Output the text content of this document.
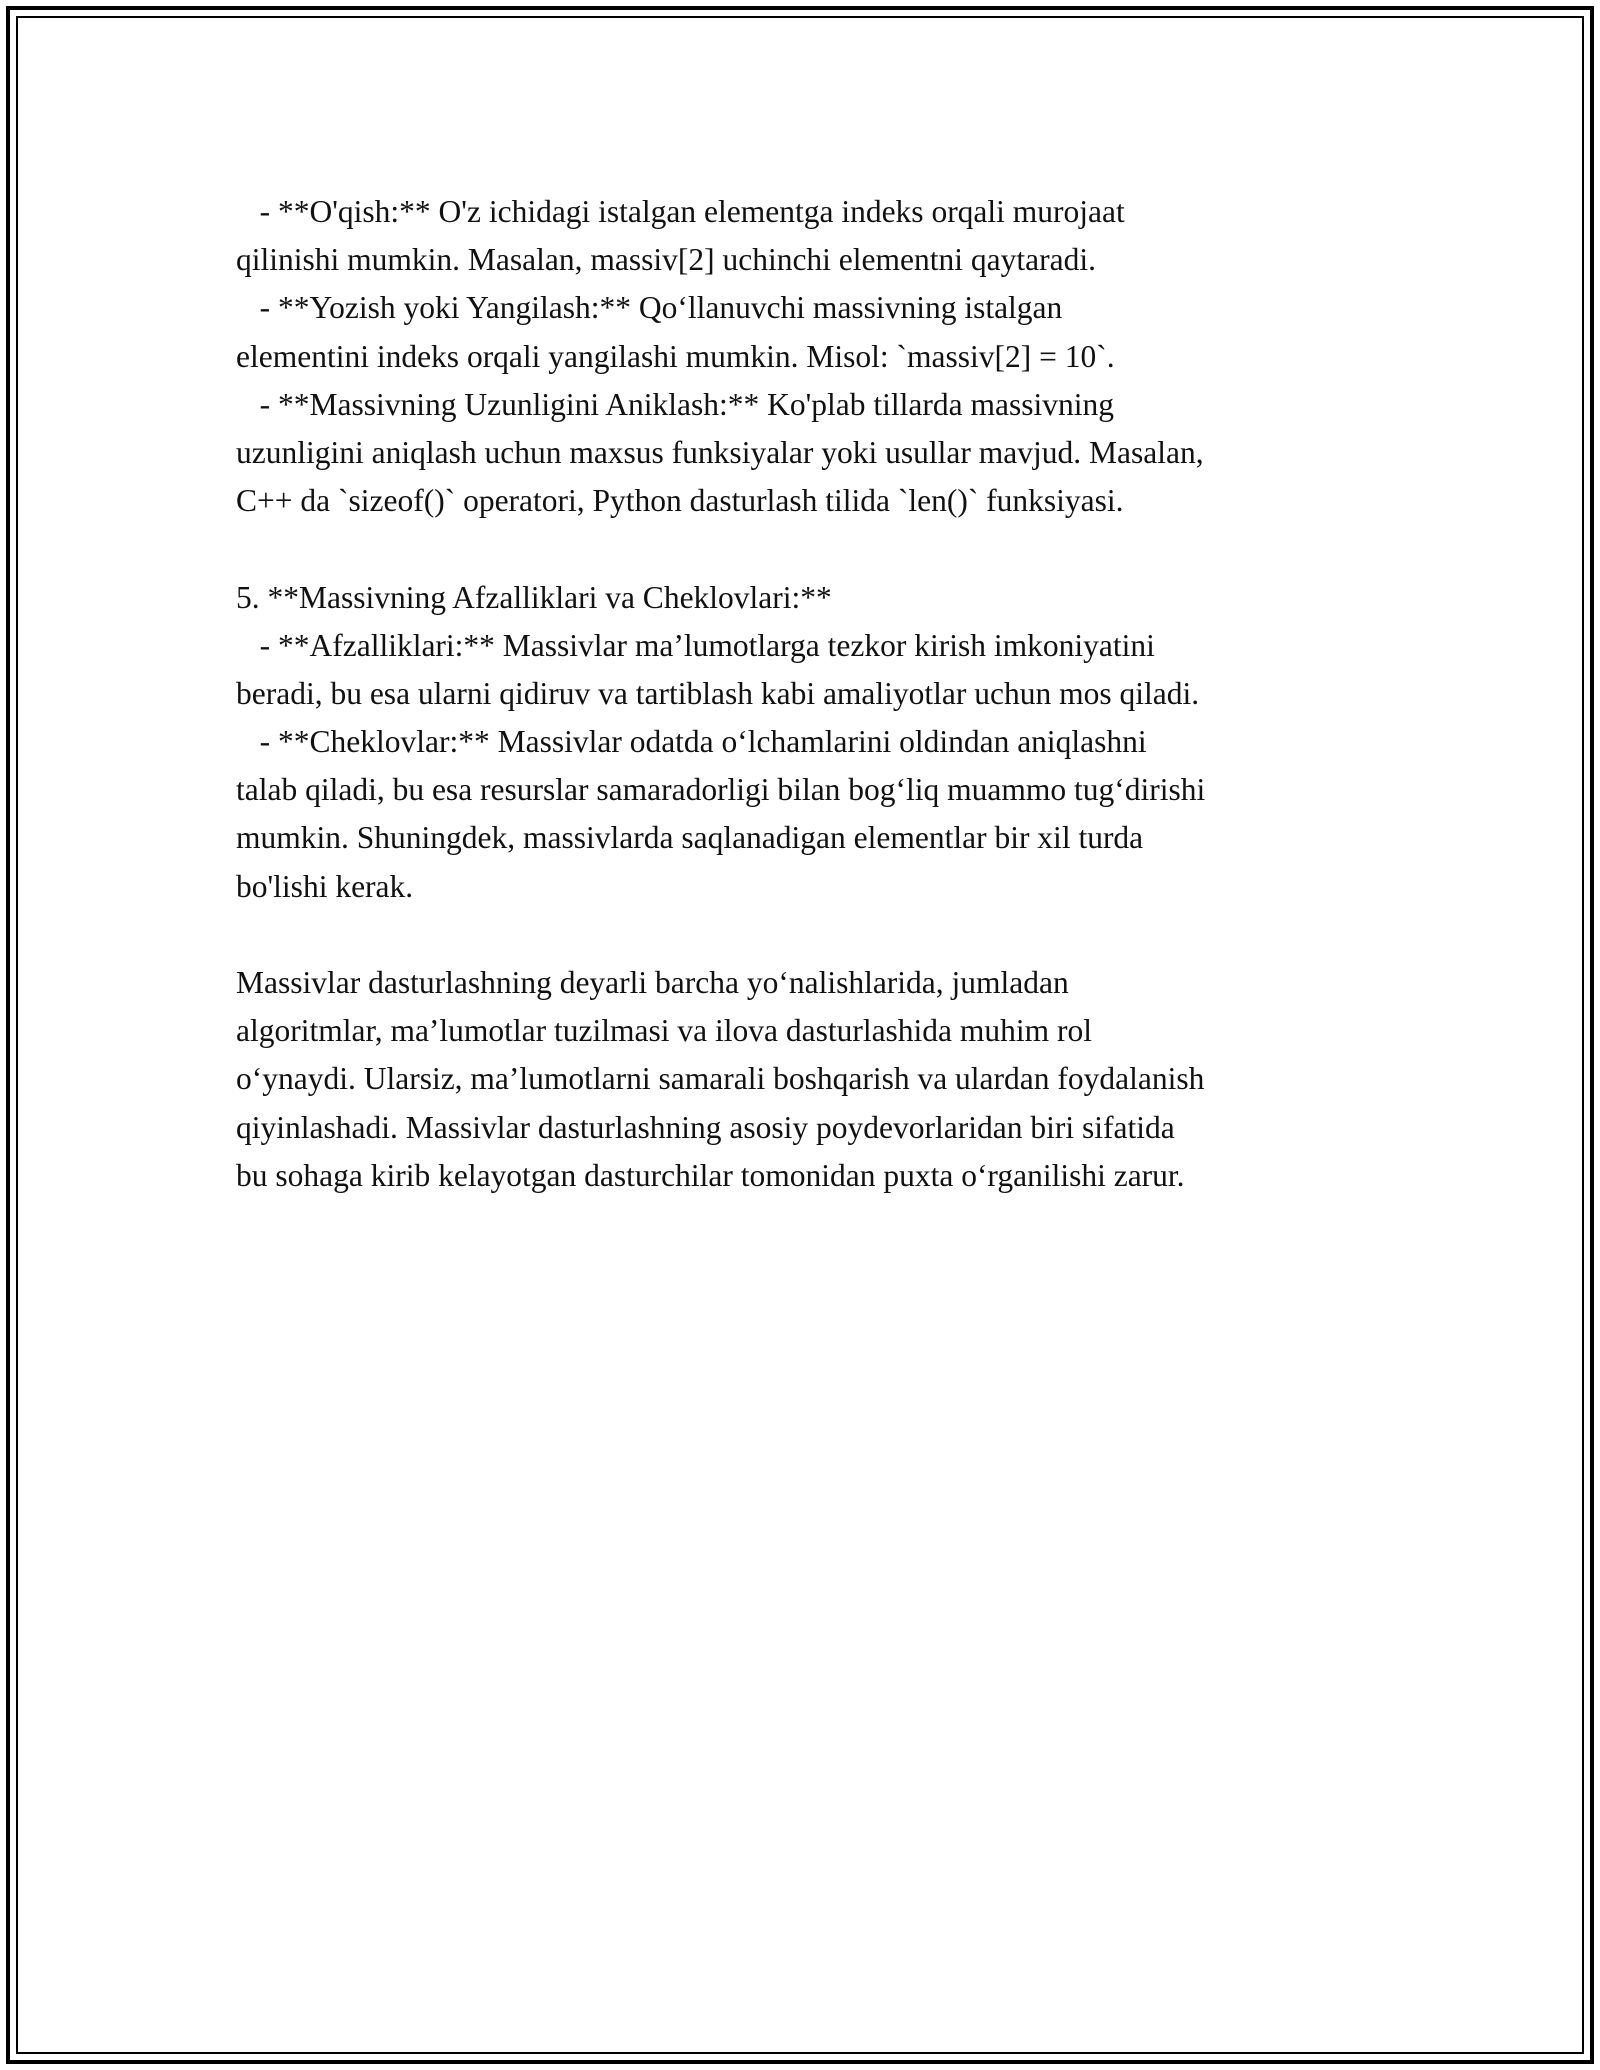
- **O'qish:** O'z ichidagi istalgan elementga indeks orqali murojaat
qilinishi mumkin. Masalan, massiv[2] uchinchi elementni qaytaradi.
- **Yozish yoki Yangilash:** Qo‘llanuvchi massivning istalgan
elementini indeks orqali yangilashi mumkin. Misol: `massiv[2] = 10`.
- **Massivning Uzunligini Aniklash:** Ko'plab tillarda massivning
uzunligini aniqlash uchun maxsus funksiyalar yoki usullar mavjud. Masalan,
C++ da `sizeof()` operatori, Python dasturlash tilida `len()` funksiyasi.
5. **Massivning Afzalliklari va Cheklovlari:**
- **Afzalliklari:** Massivlar ma’lumotlarga tezkor kirish imkoniyatini
beradi, bu esa ularni qidiruv va tartiblash kabi amaliyotlar uchun mos qiladi.
- **Cheklovlar:** Massivlar odatda o‘lchamlarini oldindan aniqlashni
talab qiladi, bu esa resurslar samaradorligi bilan bog‘liq muammo tug‘dirishi
mumkin. Shuningdek, massivlarda saqlanadigan elementlar bir xil turda
bo'lishi kerak.
Massivlar dasturlashning deyarli barcha yo‘nalishlarida, jumladan
algoritmlar, ma’lumotlar tuzilmasi va ilova dasturlashida muhim rol
o‘ynaydi. Ularsiz, ma’lumotlarni samarali boshqarish va ulardan foydalanish
qiyinlashadi. Massivlar dasturlashning asosiy poydevorlaridan biri sifatida
bu sohaga kirib kelayotgan dasturchilar tomonidan puxta o‘rganilishi zarur.
